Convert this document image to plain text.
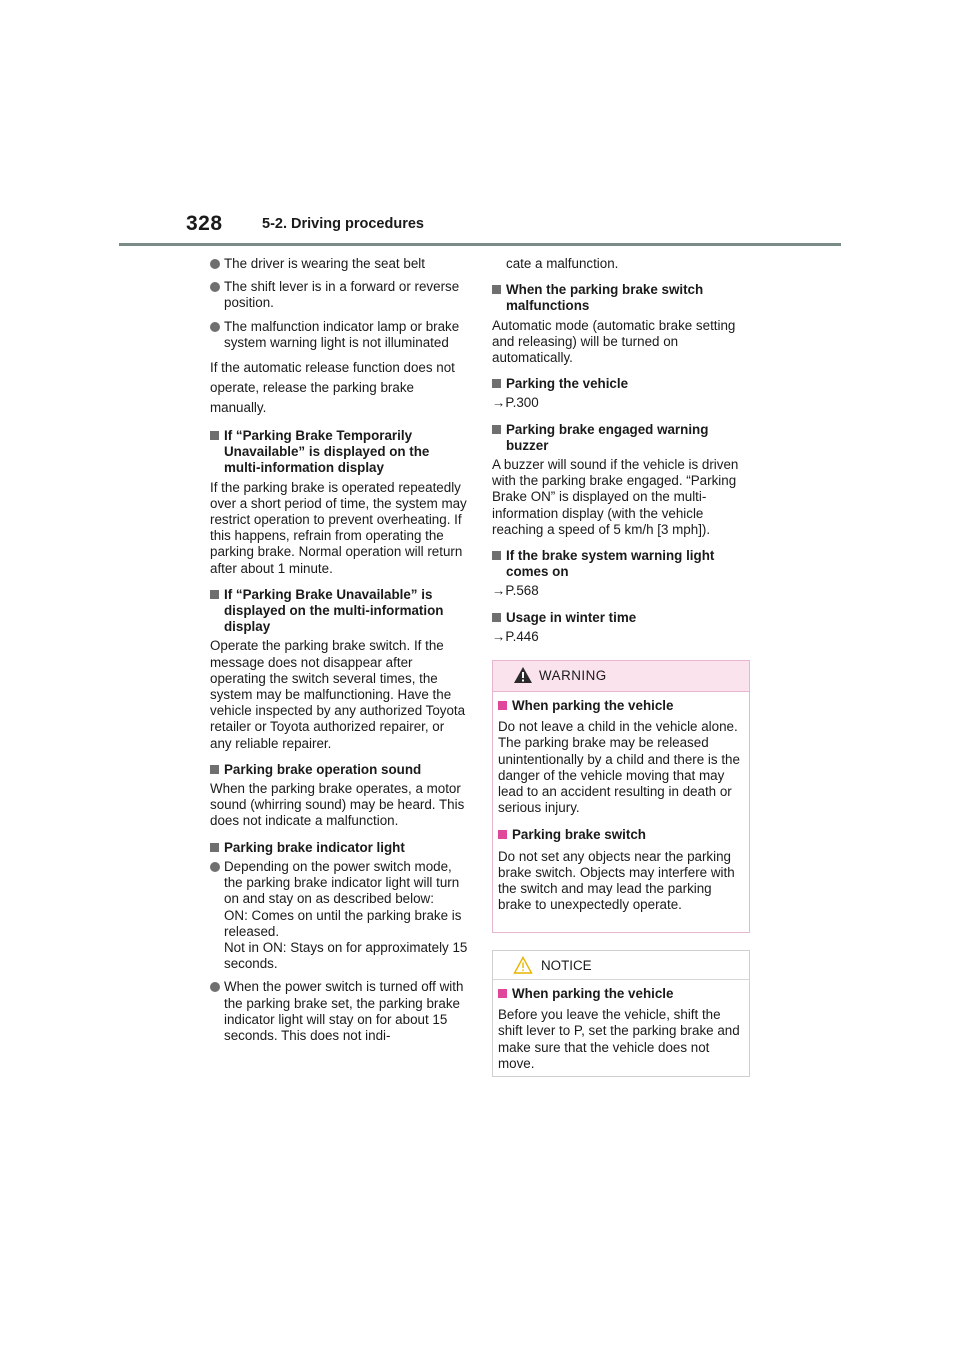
328	5-2. Driving procedures
The driver is wearing the seat belt
The shift lever is in a forward or reverse position.
The malfunction indicator lamp or brake system warning light is not illuminated
If the automatic release function does not operate, release the parking brake manually.
If “Parking Brake Temporarily Unavailable” is displayed on the multi-information display
If the parking brake is operated repeatedly over a short period of time, the system may restrict operation to prevent overheating. If this happens, refrain from operating the parking brake. Normal operation will return after about 1 minute.
If “Parking Brake Unavailable” is displayed on the multi-information display
Operate the parking brake switch. If the message does not disappear after operating the switch several times, the system may be malfunctioning. Have the vehicle inspected by any authorized Toyota retailer or Toyota authorized repairer, or any reliable repairer.
Parking brake operation sound
When the parking brake operates, a motor sound (whirring sound) may be heard. This does not indicate a malfunction.
Parking brake indicator light
Depending on the power switch mode, the parking brake indicator light will turn on and stay on as described below:
ON: Comes on until the parking brake is released.
Not in ON: Stays on for approximately 15 seconds.
When the power switch is turned off with the parking brake set, the parking brake indicator light will stay on for about 15 seconds. This does not indi-
cate a malfunction.
When the parking brake switch malfunctions
Automatic mode (automatic brake setting and releasing) will be turned on automatically.
Parking the vehicle
→P.300
Parking brake engaged warning buzzer
A buzzer will sound if the vehicle is driven with the parking brake engaged. “Parking Brake ON” is displayed on the multi-information display (with the vehicle reaching a speed of 5 km/h [3 mph]).
If the brake system warning light comes on
→P.568
Usage in winter time
→P.446
WARNING
When parking the vehicle
Do not leave a child in the vehicle alone. The parking brake may be released unintentionally by a child and there is the danger of the vehicle moving that may lead to an accident resulting in death or serious injury.
Parking brake switch
Do not set any objects near the parking brake switch. Objects may interfere with the switch and may lead the parking brake to unexpectedly operate.
NOTICE
When parking the vehicle
Before you leave the vehicle, shift the shift lever to P, set the parking brake and make sure that the vehicle does not move.
